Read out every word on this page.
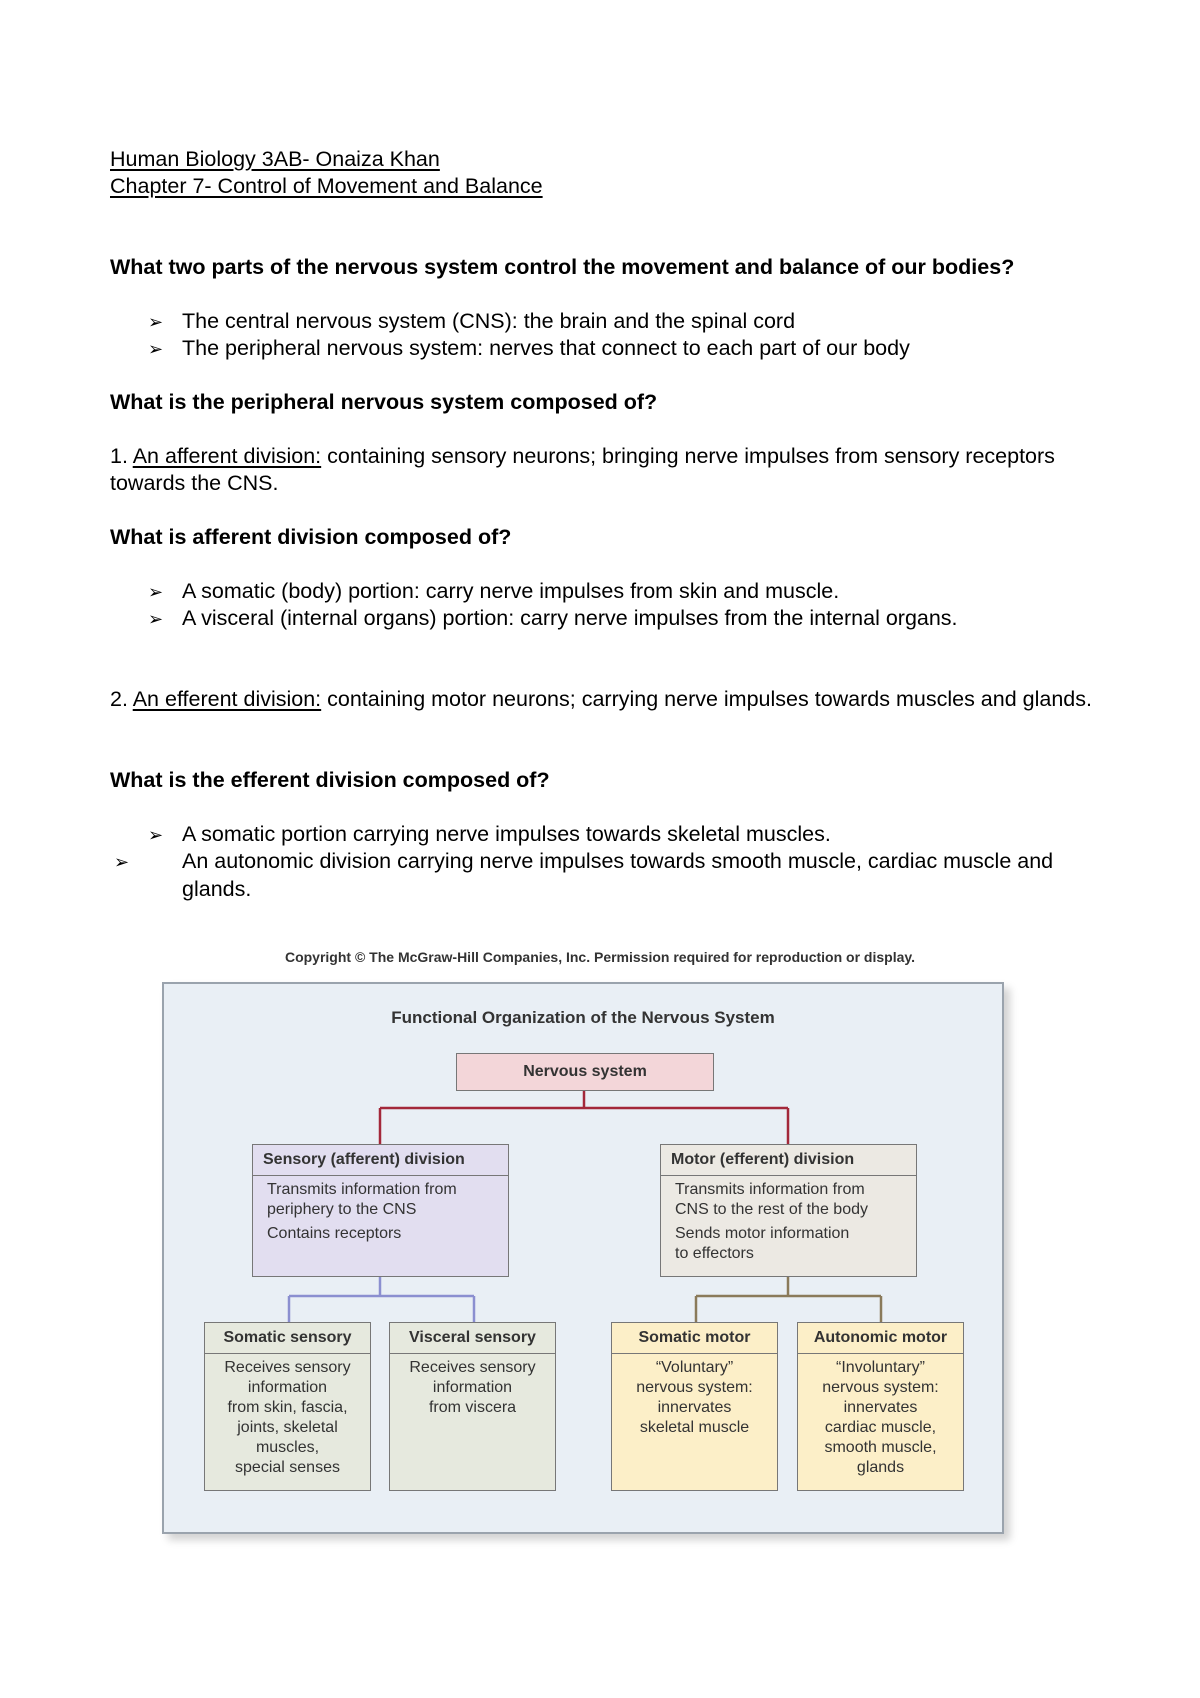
Human Biology 3AB- Onaiza Khan
Chapter 7- Control of Movement and Balance
What two parts of the nervous system control the movement and balance of our bodies?
➢ The central nervous system (CNS): the brain and the spinal cord
➢ The peripheral nervous system: nerves that connect to each part of our body
What is the peripheral nervous system composed of?
1. An afferent division: containing sensory neurons; bringing nerve impulses from sensory receptors towards the CNS.
What is afferent division composed of?
➢ A somatic (body) portion: carry nerve impulses from skin and muscle.
➢ A visceral (internal organs) portion: carry nerve impulses from the internal organs.
2. An efferent division: containing motor neurons; carrying nerve impulses towards muscles and glands.
What is the efferent division composed of?
➢ A somatic portion carrying nerve impulses towards skeletal muscles.
➢ An autonomic division carrying nerve impulses towards smooth muscle, cardiac muscle and glands.
Copyright © The McGraw-Hill Companies, Inc. Permission required for reproduction or display.
Functional Organization of the Nervous System
Nervous system
Sensory (afferent) division
Transmits information from
periphery to the CNS
Contains receptors
Motor (efferent) division
Transmits information from
CNS to the rest of the body
Sends motor information
to effectors
Somatic sensory
Receives sensory
information
from skin, fascia,
joints, skeletal
muscles,
special senses
Visceral sensory
Receives sensory
information
from viscera
Somatic motor
“Voluntary”
nervous system:
innervates
skeletal muscle
Autonomic motor
“Involuntary”
nervous system:
innervates
cardiac muscle,
smooth muscle,
glands
